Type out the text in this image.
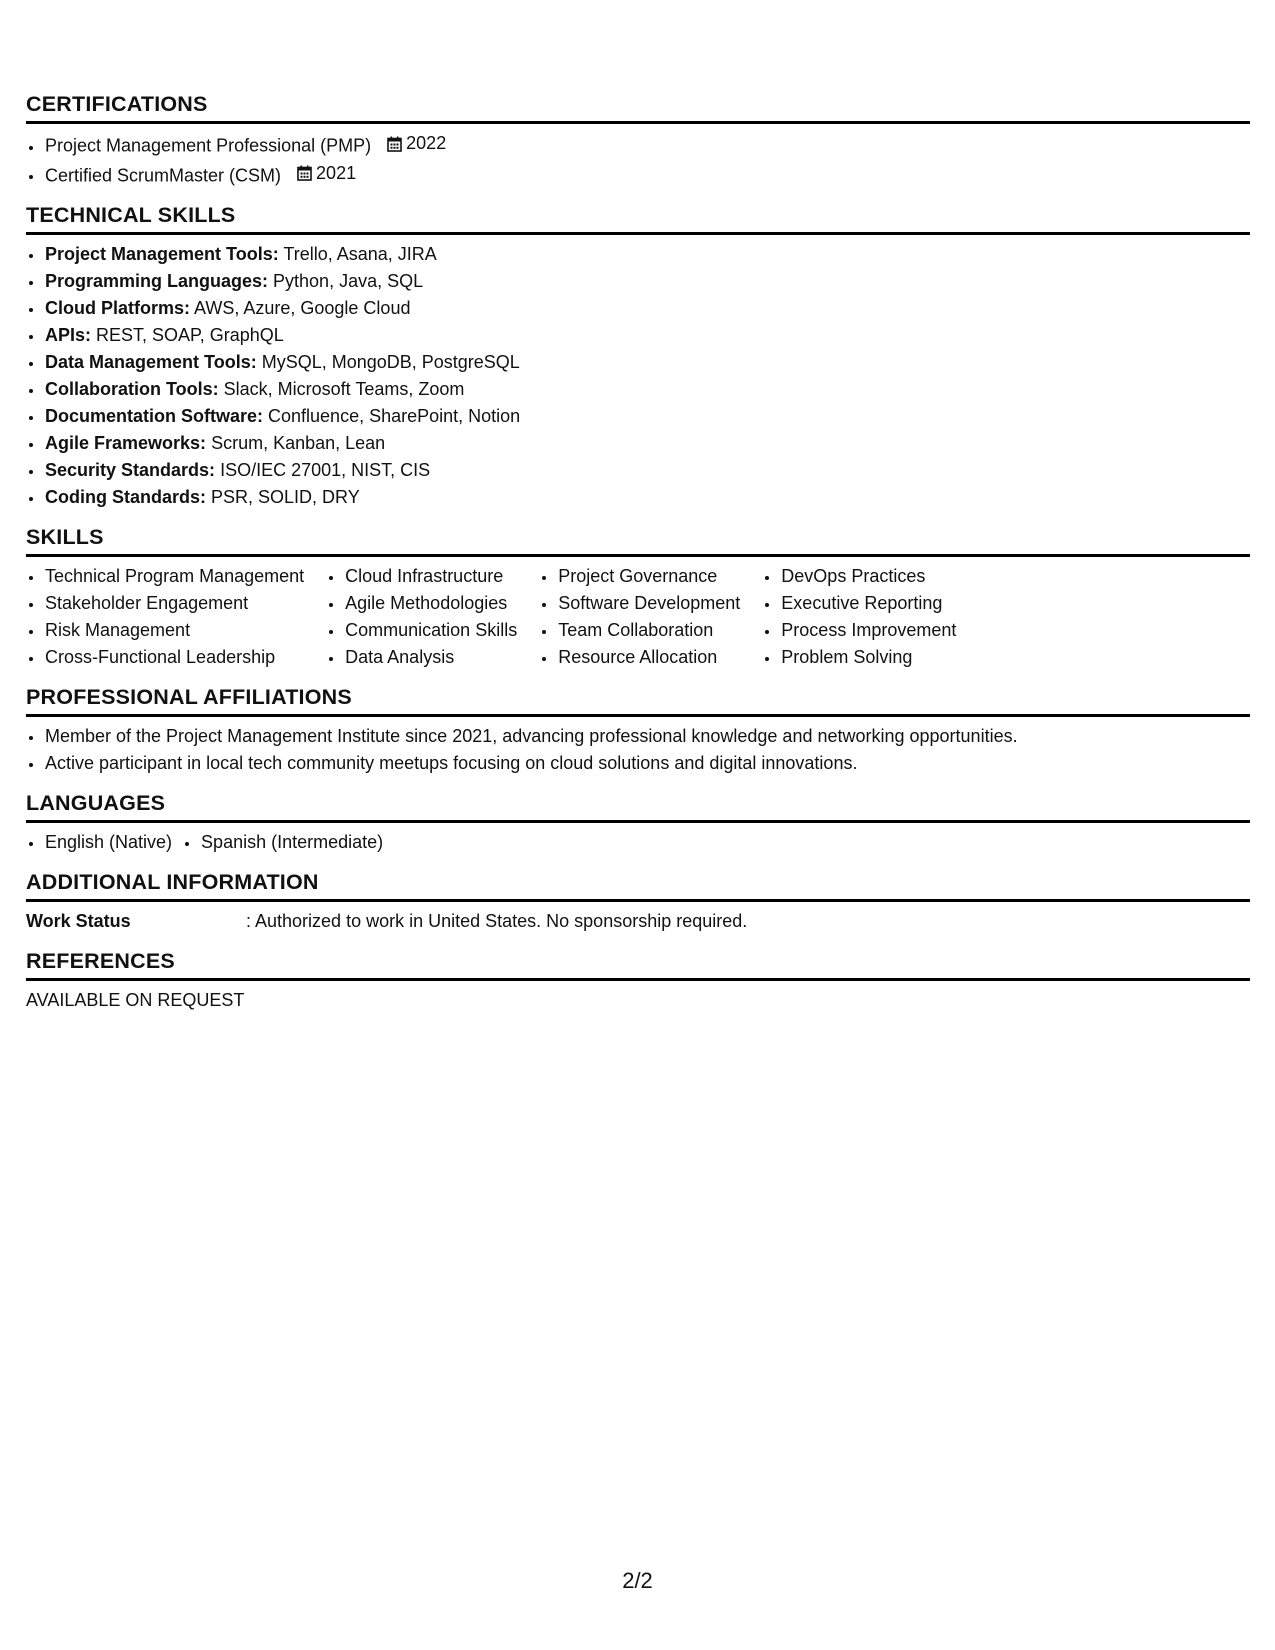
CERTIFICATIONS
• Project Management Professional (PMP) 2022
• Certified ScrumMaster (CSM) 2021
TECHNICAL SKILLS
• Project Management Tools: Trello, Asana, JIRA
• Programming Languages: Python, Java, SQL
• Cloud Platforms: AWS, Azure, Google Cloud
• APIs: REST, SOAP, GraphQL
• Data Management Tools: MySQL, MongoDB, PostgreSQL
• Collaboration Tools: Slack, Microsoft Teams, Zoom
• Documentation Software: Confluence, SharePoint, Notion
• Agile Frameworks: Scrum, Kanban, Lean
• Security Standards: ISO/IEC 27001, NIST, CIS
• Coding Standards: PSR, SOLID, DRY
SKILLS
• Technical Program Management
• Stakeholder Engagement
• Risk Management
• Cross-Functional Leadership
• Cloud Infrastructure
• Agile Methodologies
• Communication Skills
• Data Analysis
• Project Governance
• Software Development
• Team Collaboration
• Resource Allocation
• DevOps Practices
• Executive Reporting
• Process Improvement
• Problem Solving
PROFESSIONAL AFFILIATIONS
• Member of the Project Management Institute since 2021, advancing professional knowledge and networking opportunities.
• Active participant in local tech community meetups focusing on cloud solutions and digital innovations.
LANGUAGES
• English (Native)
• Spanish (Intermediate)
ADDITIONAL INFORMATION
Work Status	: Authorized to work in United States. No sponsorship required.
REFERENCES
AVAILABLE ON REQUEST
2/2
